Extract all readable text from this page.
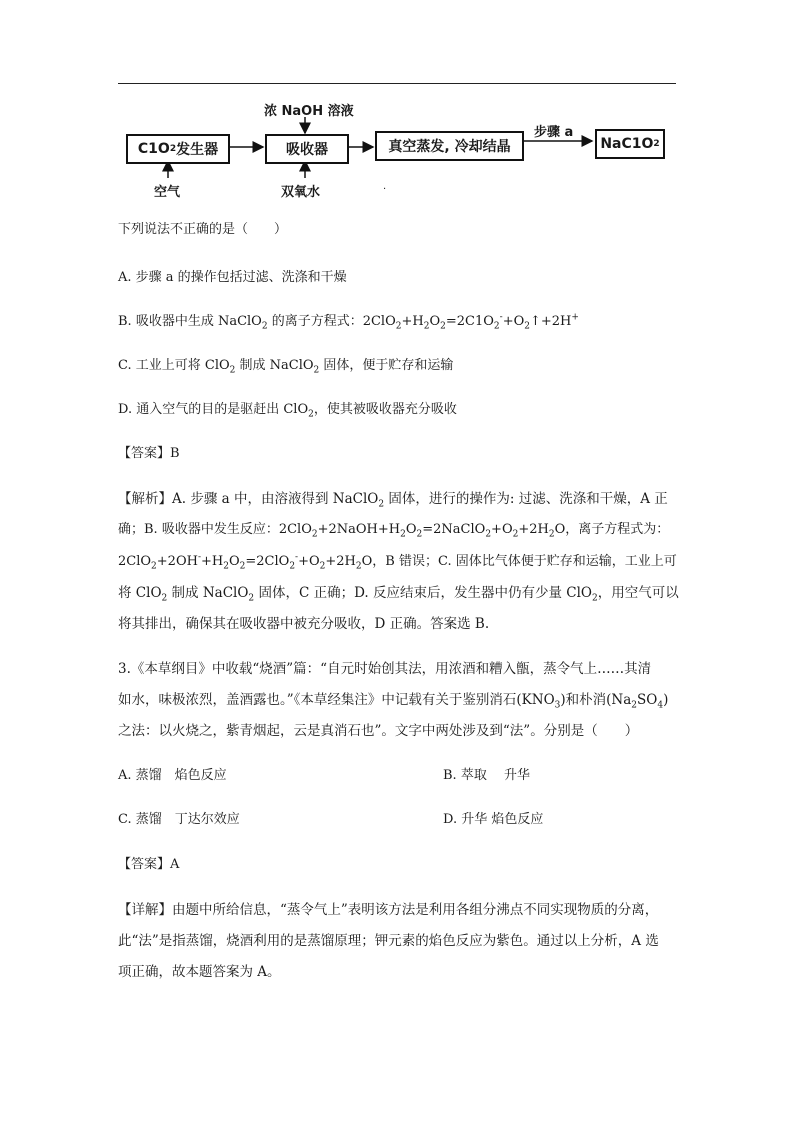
C1O 2 发生器	吸收器	真空蒸发, 冷却结晶	NaC1O 2
浓 NaOH 溶液
空气	双氧水
步骤 a
·
下列说法不正确的是（　　）
A. 步骤 a 的操作包括过滤、洗涤和干燥
B. 吸收器中生成 NaClO$_2$ 的离子方程式：$2ClO_2+H_2O_2=2C1O_2^-+O_2↑+2H^+$
C. 工业上可将 ClO$_2$ 制成 NaClO$_2$ 固体，便于贮存和运输
D. 通入空气的目的是驱赶出 ClO$_2$，使其被吸收器充分吸收
【答案】B
【解析】A. 步骤 a 中，由溶液得到 NaClO$_2$ 固体，进行的操作为: 过滤、洗涤和干燥，A 正
确；B. 吸收器中发生反应：$2ClO_2+2NaOH+H_2O_2=2NaClO_2+O_2+2H_2O$，离子方程式为：
$2ClO_2+2OH^-+H_2O_2=2ClO_2^-+O_2+2H_2O$，B 错误；C. 固体比气体便于贮存和运输，工业上可
将 ClO$_2$ 制成 NaClO$_2$ 固体，C 正确；D. 反应结束后，发生器中仍有少量 ClO$_2$，用空气可以
将其排出，确保其在吸收器中被充分吸收，D 正确。答案选 B.
3.《本草纲目》中收载“烧酒”篇：“自元时始创其法，用浓酒和糟入甑，蒸令气上……其清
如水，味极浓烈，盖酒露也。”《本草经集注》中记载有关于鉴别消石$(KNO_3)$和朴消$(Na_2SO_4)$
之法：以火烧之，紫青烟起，云是真消石也”。文字中两处涉及到“法”。分别是（　　）
A. 蒸馏　焰色反应	B. 萃取　 升华
C. 蒸馏　丁达尔效应	D. 升华 焰色反应
【答案】A
【详解】由题中所给信息，“蒸令气上”表明该方法是利用各组分沸点不同实现物质的分离，
此“法”是指蒸馏，烧酒利用的是蒸馏原理；钾元素的焰色反应为紫色。通过以上分析，A 选
项正确，故本题答案为 A。
